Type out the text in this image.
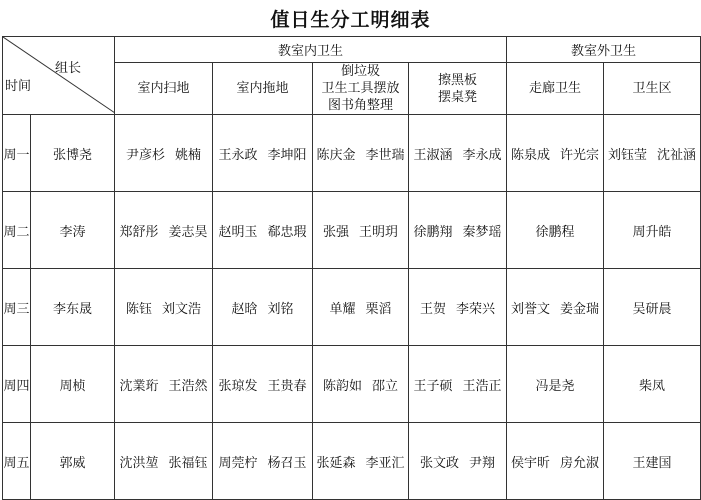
值日生分工明细表
组长
时间		教室内卫生				教室外卫生	

		室内扫地	室内拖地	倒垃圾
卫生工具摆放
图书角整理	擦黑板
摆桌凳	走廊卫生	卫生区

周一	张博尧	尹彦杉 姚楠	王永政 李坤阳	陈庆金 李世瑞	王淑涵 李永成	陈泉成 许光宗	刘钰莹 沈祉涵
周二	李涛	郑舒彤 姜志昊	赵明玉 郗忠瑕	张强 王明玥	徐鹏翔 秦梦瑶	徐鹏程	周升皓
周三	李东晟	陈钰 刘文浩	赵晗 刘铭	单耀 栗滔	王贺 李荣兴	刘誉文 姜金瑞	吴研晨
周四	周桢	沈業珩 王浩然	张琼发 王贵春	陈韵如 邵立	王子硕 王浩正	冯是尧	柴凤
周五	郭威	沈洪堃 张福钰	周莞柠 杨召玉	张延森 李亚汇	张文政 尹翔	侯宇昕 房允淑	王建国
